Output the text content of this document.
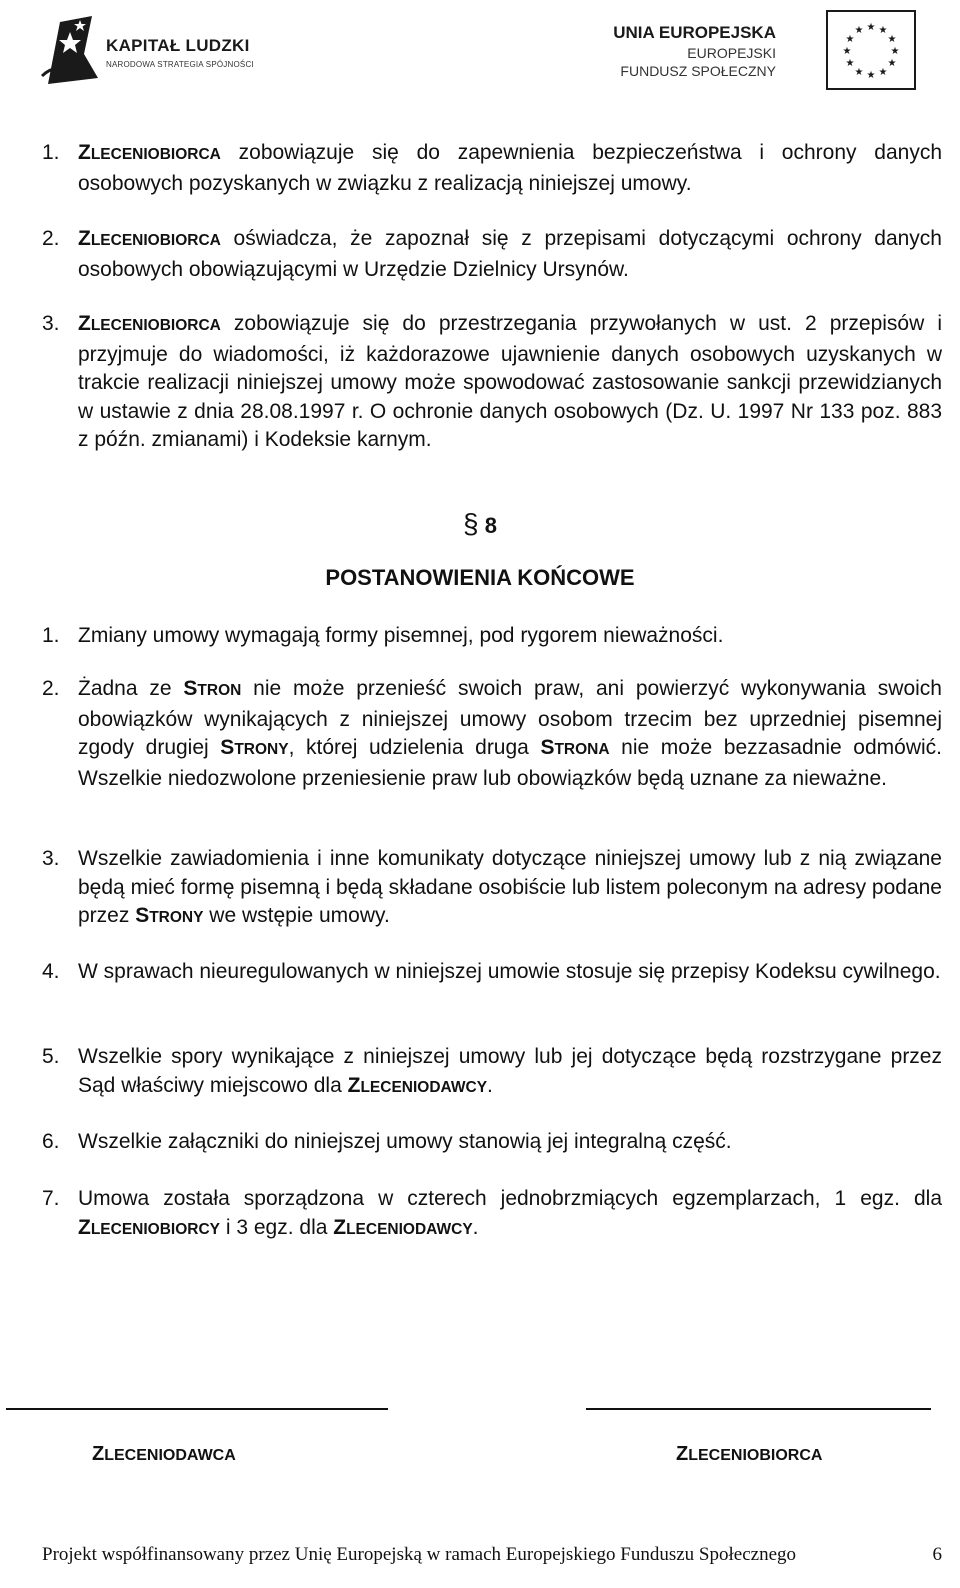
KAPITAŁ LUDZKI
NARODOWA STRATEGIA SPÓJNOŚCI
UNIA EUROPEJSKA
EUROPEJSKI
FUNDUSZ SPOŁECZNY
★ ★
★
★
★
★
★
★
★
★
★
★
1. ZLECENIOBIORCA zobowiązuje się do zapewnienia bezpieczeństwa i ochrony danych osobowych pozyskanych w związku z realizacją niniejszej umowy.
2. ZLECENIOBIORCA oświadcza, że zapoznał się z przepisami dotyczącymi ochrony danych osobowych obowiązującymi w Urzędzie Dzielnicy Ursynów.
3. ZLECENIOBIORCA zobowiązuje się do przestrzegania przywołanych w ust. 2 przepisów i przyjmuje do wiadomości, iż każdorazowe ujawnienie danych osobowych uzyskanych w trakcie realizacji niniejszej umowy może spowodować zastosowanie sankcji przewidzianych w ustawie z dnia 28.08.1997 r. O ochronie danych osobowych (Dz. U. 1997 Nr 133 poz. 883 z późn. zmianami) i Kodeksie karnym.
§ 8
POSTANOWIENIA KOŃCOWE
1. Zmiany umowy wymagają formy pisemnej, pod rygorem nieważności.
2. Żadna ze STRON nie może przenieść swoich praw, ani powierzyć wykonywania swoich obowiązków wynikających z niniejszej umowy osobom trzecim bez uprzedniej pisemnej zgody drugiej STRONY, której udzielenia druga STRONA nie może bezzasadnie odmówić. Wszelkie niedozwolone przeniesienie praw lub obowiązków będą uznane za nieważne.
3. Wszelkie zawiadomienia i inne komunikaty dotyczące niniejszej umowy lub z nią związane będą mieć formę pisemną i będą składane osobiście lub listem poleconym na adresy podane przez STRONY we wstępie umowy.
4. W sprawach nieuregulowanych w niniejszej umowie stosuje się przepisy Kodeksu cywilnego.
5. Wszelkie spory wynikające z niniejszej umowy lub jej dotyczące będą rozstrzygane przez Sąd właściwy miejscowo dla ZLECENIODAWCY.
6. Wszelkie załączniki do niniejszej umowy stanowią jej integralną część.
7. Umowa została sporządzona w czterech jednobrzmiących egzemplarzach, 1 egz. dla ZLECENIOBIORCY i 3 egz. dla ZLECENIODAWCY.
ZLECENIODAWCA	ZLECENIOBIORCA
Projekt współfinansowany przez Unię Europejską w ramach Europejskiego Funduszu Społecznego	6
